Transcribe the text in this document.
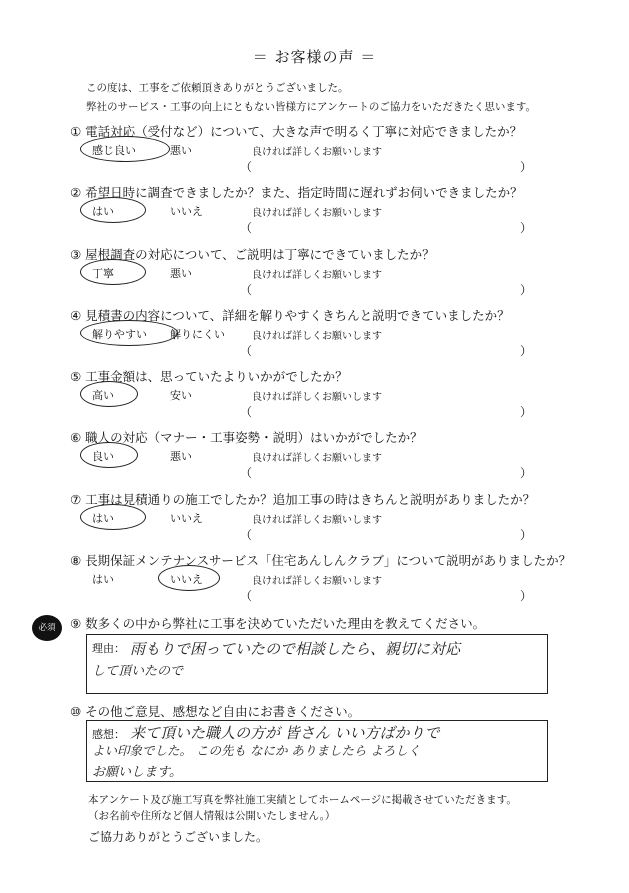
＝ お客様の声 ＝
この度は、工事をご依頼頂きありがとうございました。
弊社のサービス・工事の向上にともない皆様方にアンケートのご協力をいただきたく思います。
① 電話対応（受付など）について、大きな声で明るく丁寧に対応できましたか？
感じ良い	悪い	良ければ詳しくお願いします
（	）
② 希望日時に調査できましたか？また、指定時間に遅れずお伺いできましたか？
はい	いいえ	良ければ詳しくお願いします
（	）
③ 屋根調査の対応について、ご説明は丁寧にできていましたか？
丁寧	悪い	良ければ詳しくお願いします
（	）
④ 見積書の内容について、詳細を解りやすくきちんと説明できていましたか？
解りやすい 解りにくい	良ければ詳しくお願いします
（	）
⑤ 工事金額は、思っていたよりいかがでしたか？
高い	安い	良ければ詳しくお願いします
（	）
⑥ 職人の対応（マナー・工事姿勢・説明）はいかがでしたか？
良い	悪い	良ければ詳しくお願いします
（	）
⑦ 工事は見積通りの施工でしたか？追加工事の時はきちんと説明がありましたか？
はい	いいえ	良ければ詳しくお願いします
（	）
⑧ 長期保証メンテナンスサービス「住宅あんしんクラブ」について説明がありましたか？
はい	いいえ	良ければ詳しくお願いします
（	）
必須	⑨ 数多くの中から弊社に工事を決めていただいた理由を教えてください。
理由： 雨もりで困っていたので相談したら、親切に対応
して頂いたので
⑩ その他ご意見、感想など自由にお書きください。
感想： 来て頂いた職人の方が 皆さん いい方ばかりで
よい印象でした。 この先も なにか ありましたら よろしく
お願いします。
本アンケート及び施工写真を弊社施工実績としてホームページに掲載させていただきます。
（お名前や住所など個人情報は公開いたしません。）
ご協力ありがとうございました。
